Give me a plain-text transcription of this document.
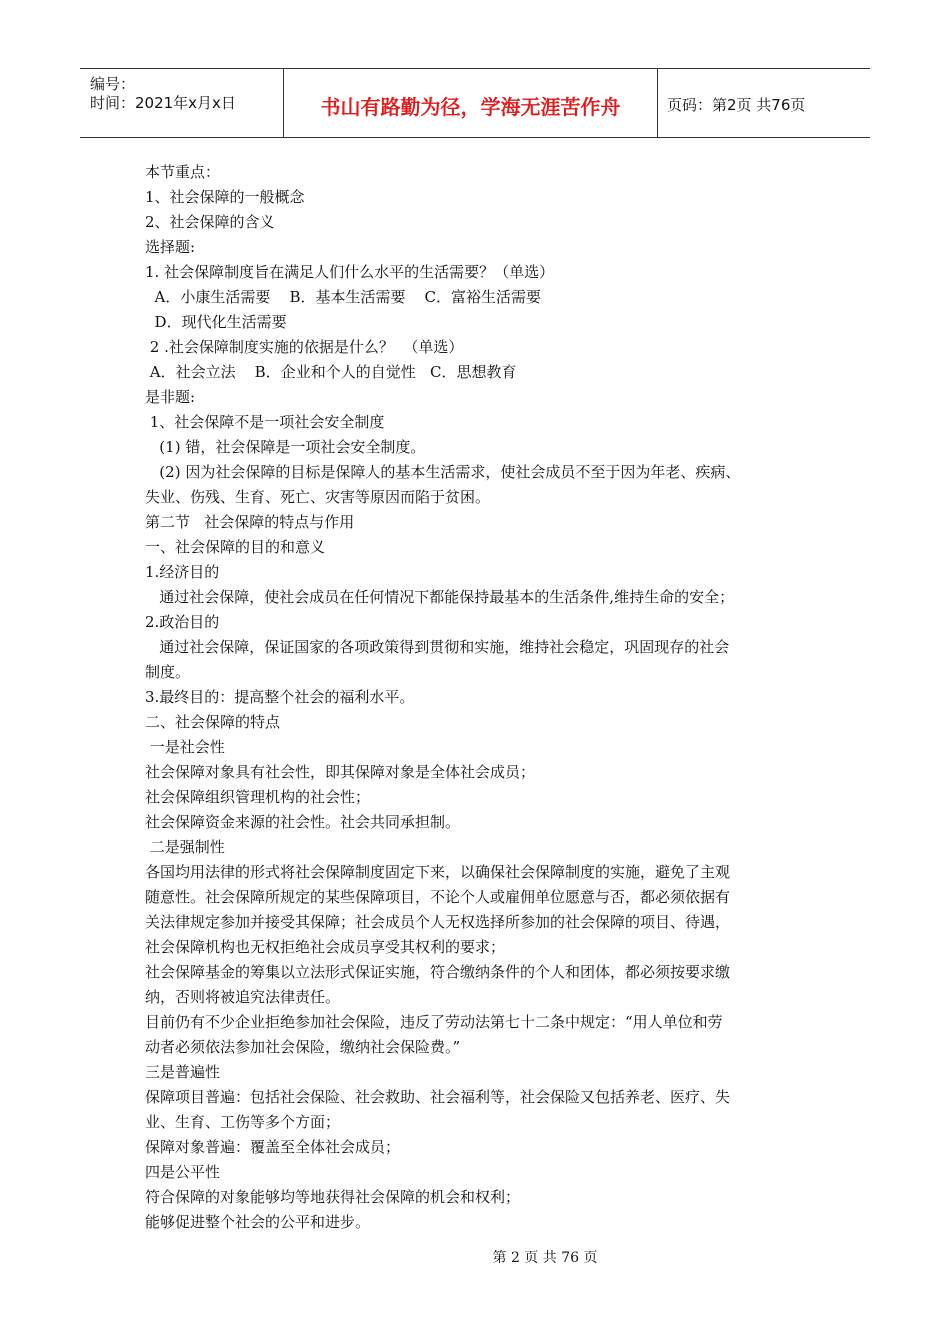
编号：
时间：2021年x月x日	书山有路勤为径，学海无涯苦作舟	页码：第2页 共76页
本节重点：
1、社会保障的一般概念
2、社会保障的含义
选择题:
1. 社会保障制度旨在满足人们什么水平的生活需要？（单选）
A．小康生活需要    B．基本生活需要    C．富裕生活需要
D．现代化生活需要
2 .社会保障制度实施的依据是什么？  （单选）
A．社会立法    B．企业和个人的自觉性   C．思想教育
是非题:
1、社会保障不是一项社会安全制度
(1) 错，社会保障是一项社会安全制度。
(2) 因为社会保障的目标是保障人的基本生活需求，使社会成员不至于因为年老、疾病、
失业、伤残、生育、死亡、灾害等原因而陷于贫困。
第二节   社会保障的特点与作用
一、社会保障的目的和意义
1.经济目的
通过社会保障，使社会成员在任何情况下都能保持最基本的生活条件,维持生命的安全；
2.政治目的
通过社会保障，保证国家的各项政策得到贯彻和实施，维持社会稳定，巩固现存的社会
制度。
3.最终目的：提高整个社会的福利水平。
二、社会保障的特点
一是社会性
社会保障对象具有社会性，即其保障对象是全体社会成员；
社会保障组织管理机构的社会性；
社会保障资金来源的社会性。社会共同承担制。
二是强制性
各国均用法律的形式将社会保障制度固定下来，以确保社会保障制度的实施，避免了主观
随意性。社会保障所规定的某些保障项目，不论个人或雇佣单位愿意与否，都必须依据有
关法律规定参加并接受其保障；社会成员个人无权选择所参加的社会保障的项目、待遇，
社会保障机构也无权拒绝社会成员享受其权利的要求；
社会保障基金的筹集以立法形式保证实施，符合缴纳条件的个人和团体，都必须按要求缴
纳，否则将被追究法律责任。
目前仍有不少企业拒绝参加社会保险，违反了劳动法第七十二条中规定：“用人单位和劳
动者必须依法参加社会保险，缴纳社会保险费。”
三是普遍性
保障项目普遍：包括社会保险、社会救助、社会福利等，社会保险又包括养老、医疗、失
业、生育、工伤等多个方面；
保障对象普遍：覆盖至全体社会成员；
四是公平性
符合保障的对象能够均等地获得社会保障的机会和权利；
能够促进整个社会的公平和进步。
第 2 页 共 76 页
